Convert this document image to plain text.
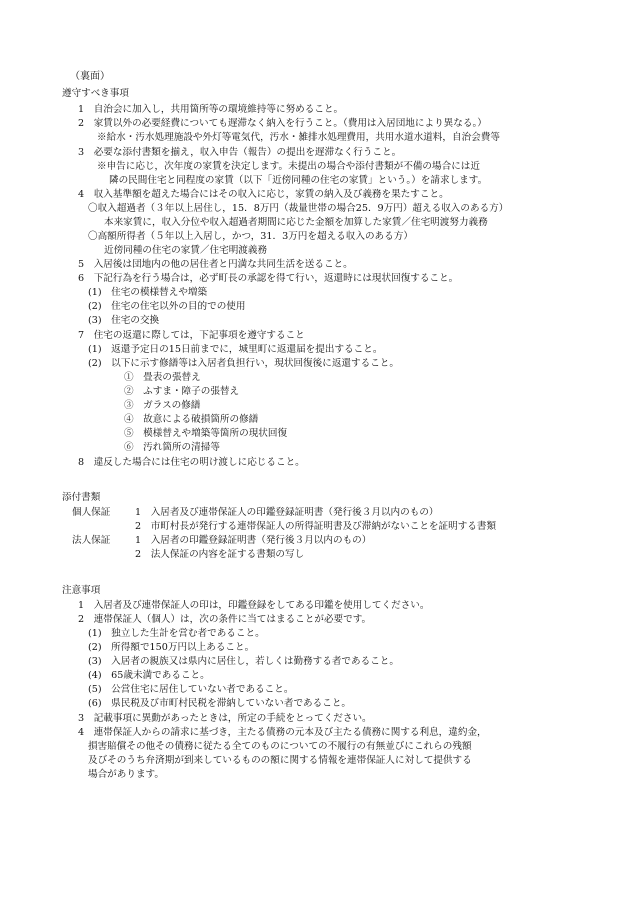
（裏面）
遵守すべき事項
1　自治会に加入し，共用箇所等の環境維持等に努めること。
2　家賃以外の必要経費についても遅滞なく納入を行うこと。（費用は入居団地により異なる。）
※給水・汚水処理施設や外灯等電気代，汚水・雑排水処理費用，共用水道水道料，自治会費等
3　必要な添付書類を揃え，収入申告（報告）の提出を遅滞なく行うこと。
※申告に応じ，次年度の家賃を決定します。未提出の場合や添付書類が不備の場合には近
隣の民間住宅と同程度の家賃（以下「近傍同種の住宅の家賃」という。）を請求します。
4　収入基準額を超えた場合にはその収入に応じ，家賃の納入及び義務を果たすこと。
〇収入超過者（３年以上居住し，15．8万円（裁量世帯の場合25．9万円）超える収入のある方）
本来家賃に，収入分位や収入超過者期間に応じた金額を加算した家賃／住宅明渡努力義務
〇高額所得者（５年以上入居し，かつ，31．3万円を超える収入のある方）
近傍同種の住宅の家賃／住宅明渡義務
5　入居後は団地内の他の居住者と円満な共同生活を送ること。
6　下記行為を行う場合は，必ず町長の承認を得て行い，返還時には現状回復すること。
(1)　住宅の模様替えや増築
(2)　住宅の住宅以外の目的での使用
(3)　住宅の交換
7　住宅の返還に際しては，下記事項を遵守すること
(1)　返還予定日の15日前までに，城里町に返還届を提出すること。
(2)　以下に示す修繕等は入居者負担行い，現状回復後に返還すること。
①　畳表の張替え
②　ふすま・障子の張替え
③　ガラスの修繕
④　故意による破損箇所の修繕
⑤　模様替えや増築等箇所の現状回復
⑥　汚れ箇所の清掃等
8　違反した場合には住宅の明け渡しに応じること。
添付書類
個人保証	1　入居者及び連帯保証人の印鑑登録証明書（発行後３月以内のもの）
2　市町村長が発行する連帯保証人の所得証明書及び滞納がないことを証明する書類
法人保証	1　入居者の印鑑登録証明書（発行後３月以内のもの）
2　法人保証の内容を証する書類の写し
注意事項
1　入居者及び連帯保証人の印は，印鑑登録をしてある印鑑を使用してください。
2　連帯保証人（個人）は，次の条件に当てはまることが必要です。
(1)　独立した生計を営む者であること。
(2)　所得額で150万円以上あること。
(3)　入居者の親族又は県内に居住し，若しくは勤務する者であること。
(4)　65歳未満であること。
(5)　公営住宅に居住していない者であること。
(6)　県民税及び市町村民税を滞納していない者であること。
3　記載事項に異動があったときは，所定の手続をとってください。
4　連帯保証人からの請求に基づき，主たる債務の元本及び主たる債務に関する利息，違約金，
損害賠償その他その債務に従たる全てのものについての不履行の有無並びにこれらの残額
及びそのうち弁済期が到来しているものの額に関する情報を連帯保証人に対して提供する
場合があります。
